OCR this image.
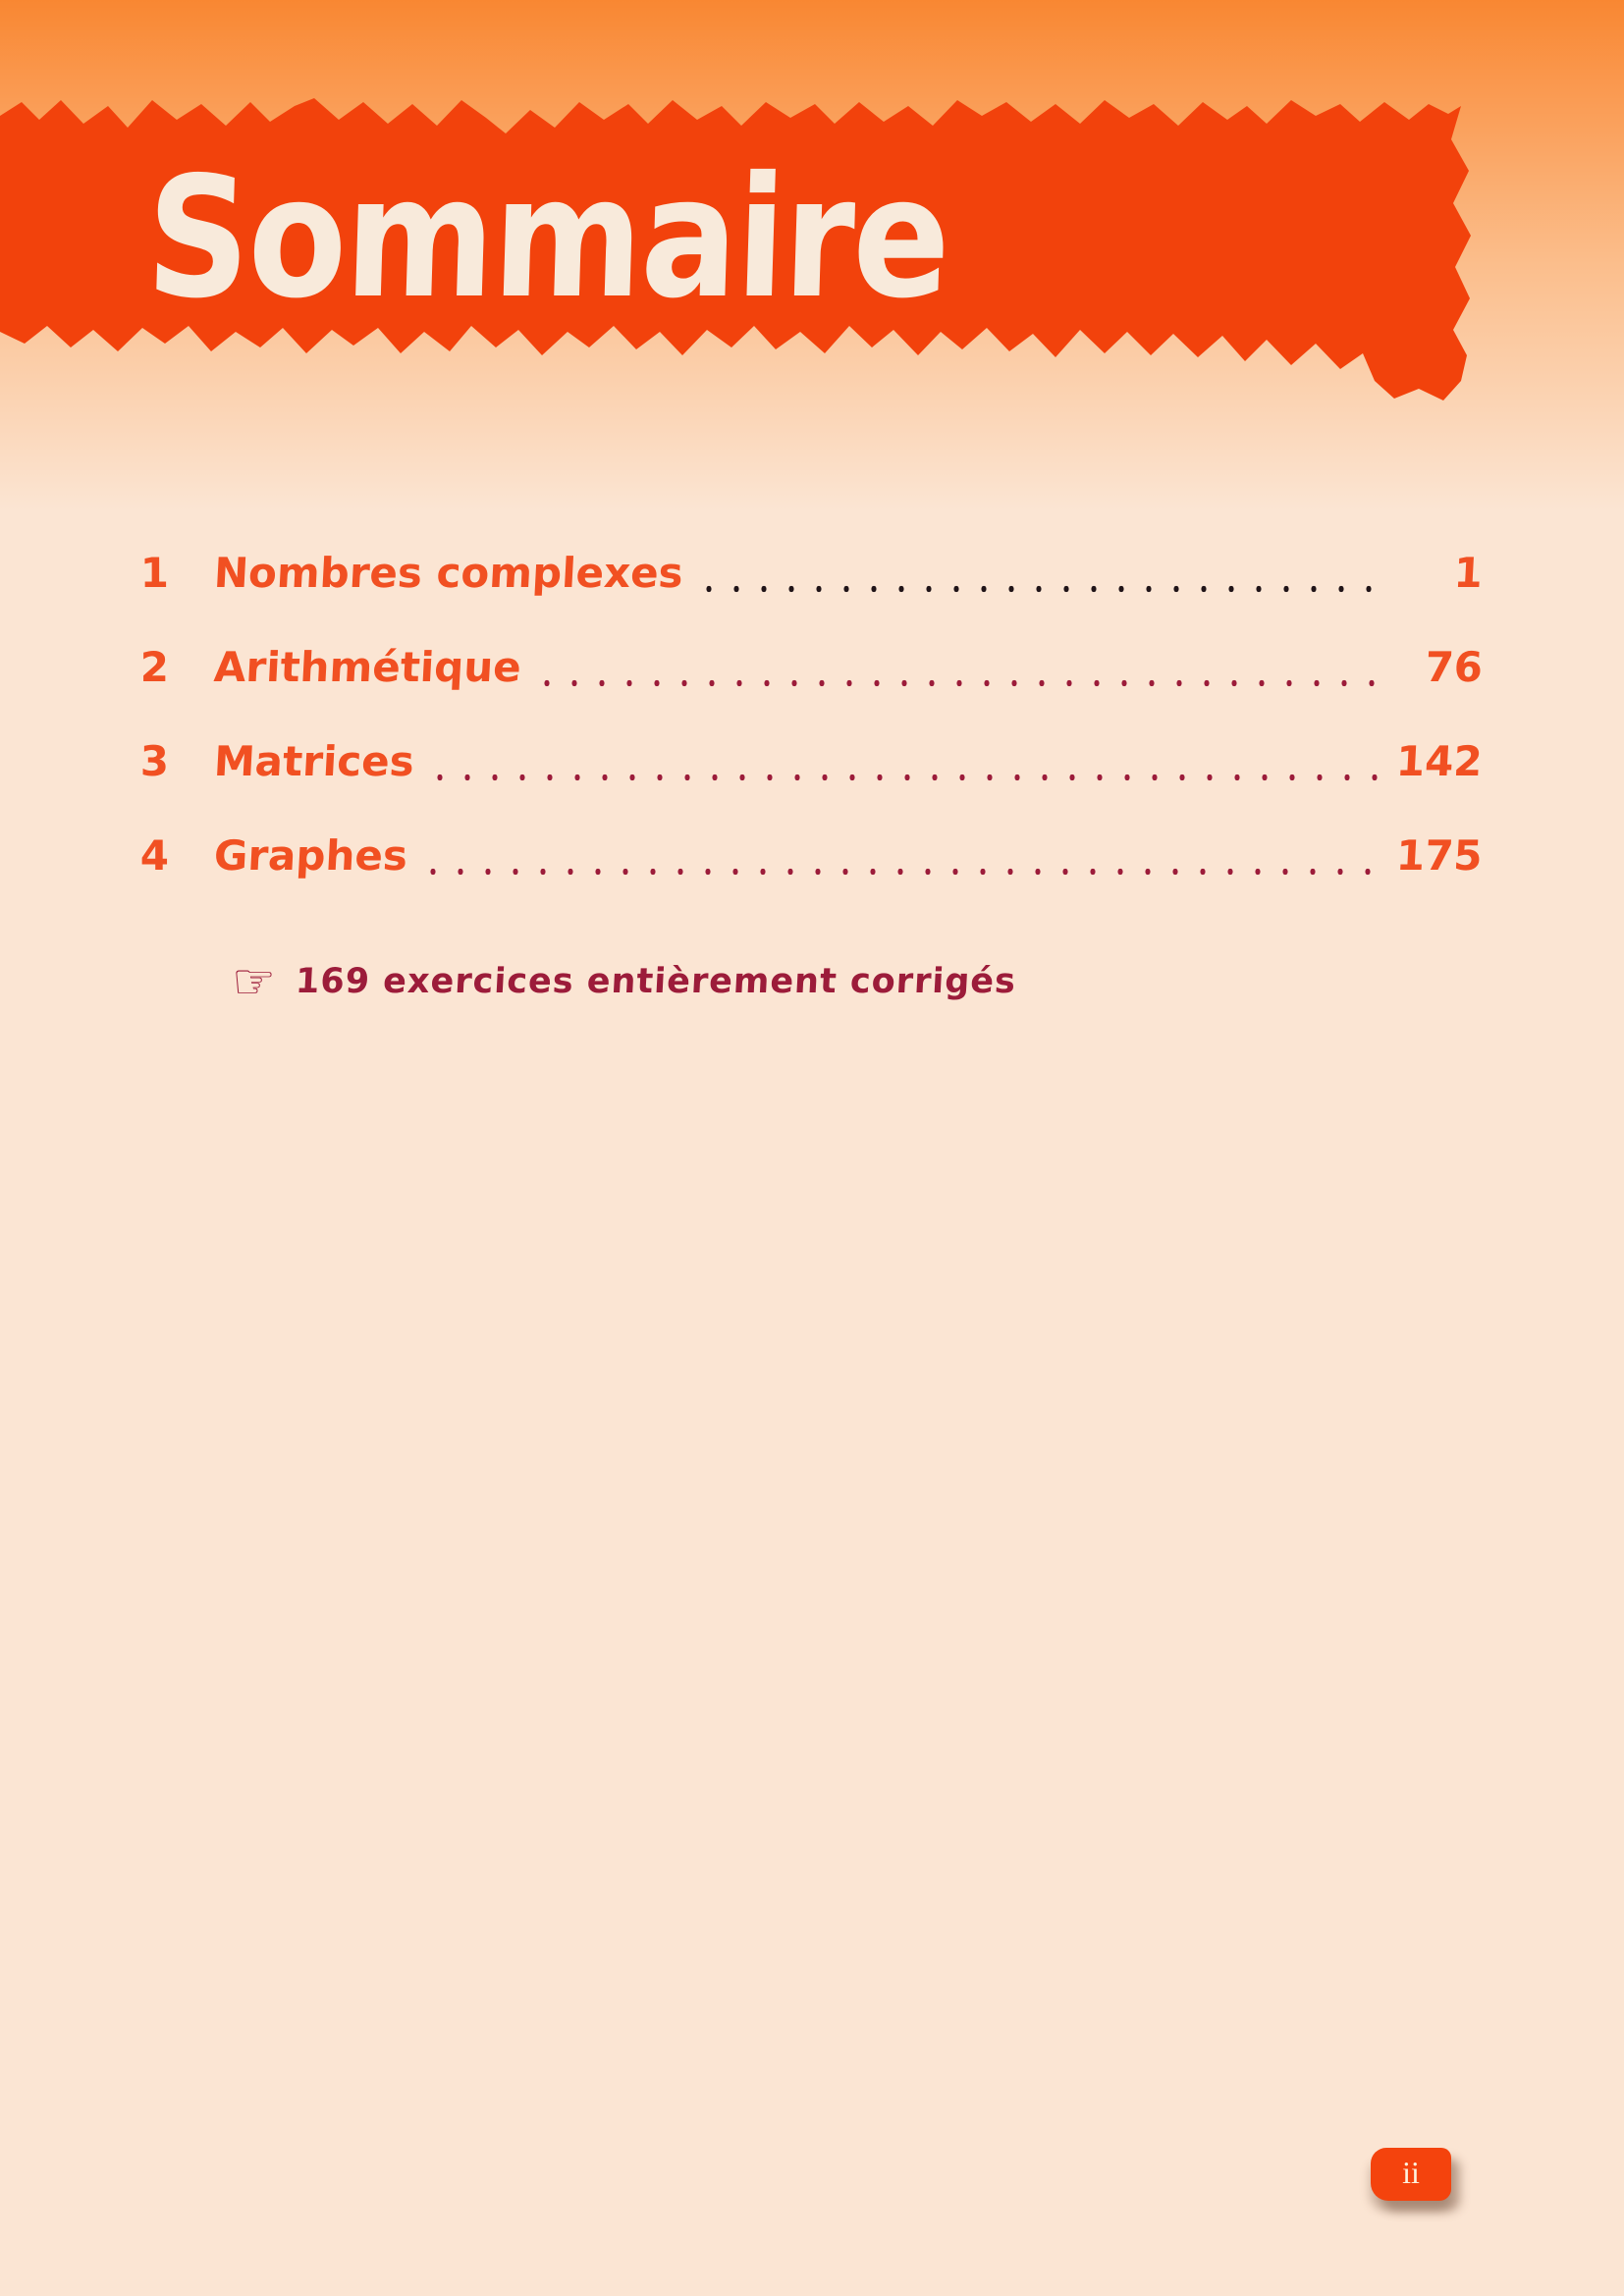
Sommaire
1 Nombres complexes	1
2 Arithmétique	76
3 Matrices	142
4 Graphes	175
☞ 169 exercices entièrement corrigés
ii
